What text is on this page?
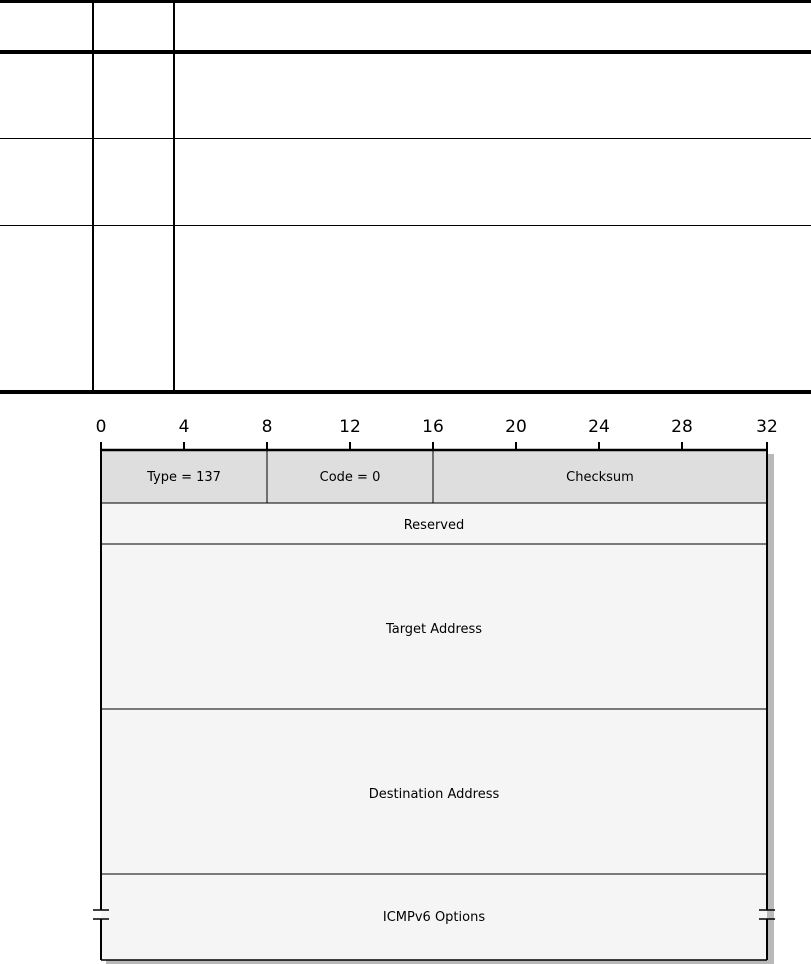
0	4	8	12	16	20	24	28	32
Type = 137	Code = 0	Checksum
Reserved
Target Address
Destination Address
ICMPv6 Options
